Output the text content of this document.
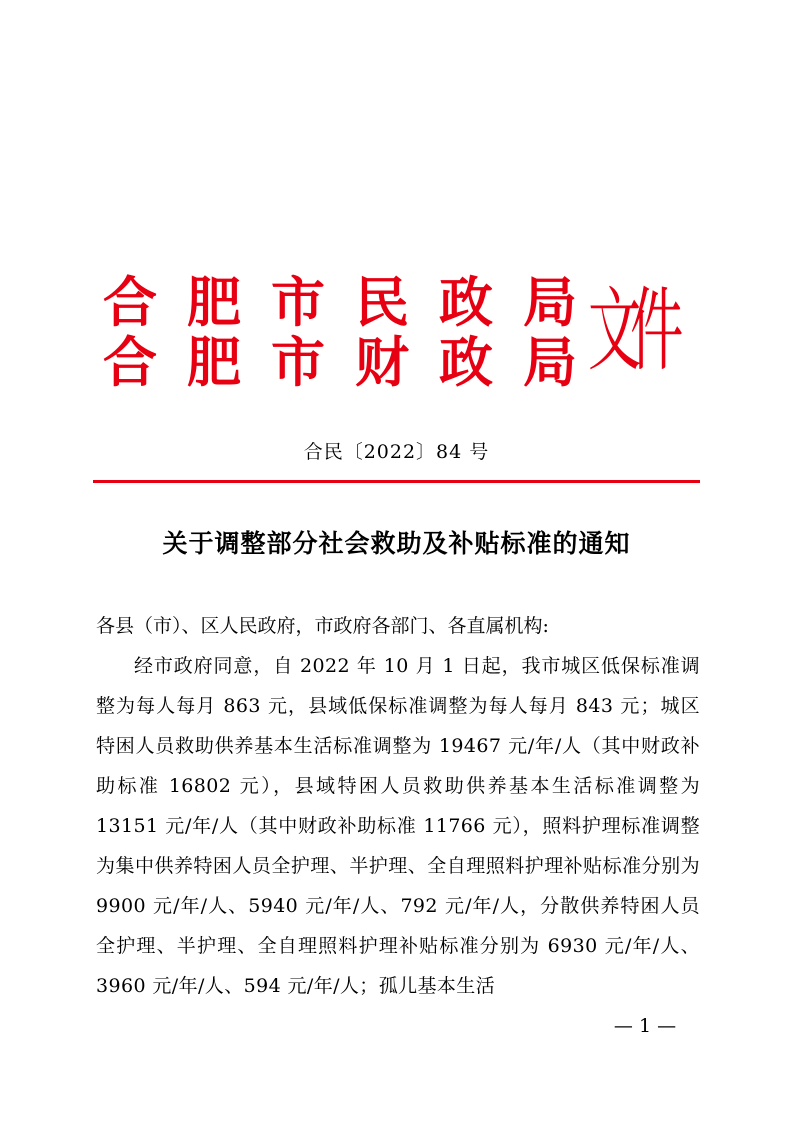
合 肥 市 民 政 局
合 肥 市 财 政 局 文件
合民〔2022〕84 号
关于调整部分社会救助及补贴标准的通知
各县（市）、区人民政府，市政府各部门、各直属机构:
经市政府同意，自 2022 年 10 月 1 日起，我市城区低保标准调整为每人每月 863 元，县域低保标准调整为每人每月 843 元；城区特困人员救助供养基本生活标准调整为 19467 元/年/人（其中财政补助标准 16802 元），县域特困人员救助供养基本生活标准调整为 13151 元/年/人（其中财政补助标准 11766 元），照料护理标准调整为集中供养特困人员全护理、半护理、全自理照料护理补贴标准分别为 9900 元/年/人、5940 元/年/人、792 元/年/人，分散供养特困人员全护理、半护理、全自理照料护理补贴标准分别为 6930 元/年/人、3960 元/年/人、594 元/年/人；孤儿基本生活
— 1 —
